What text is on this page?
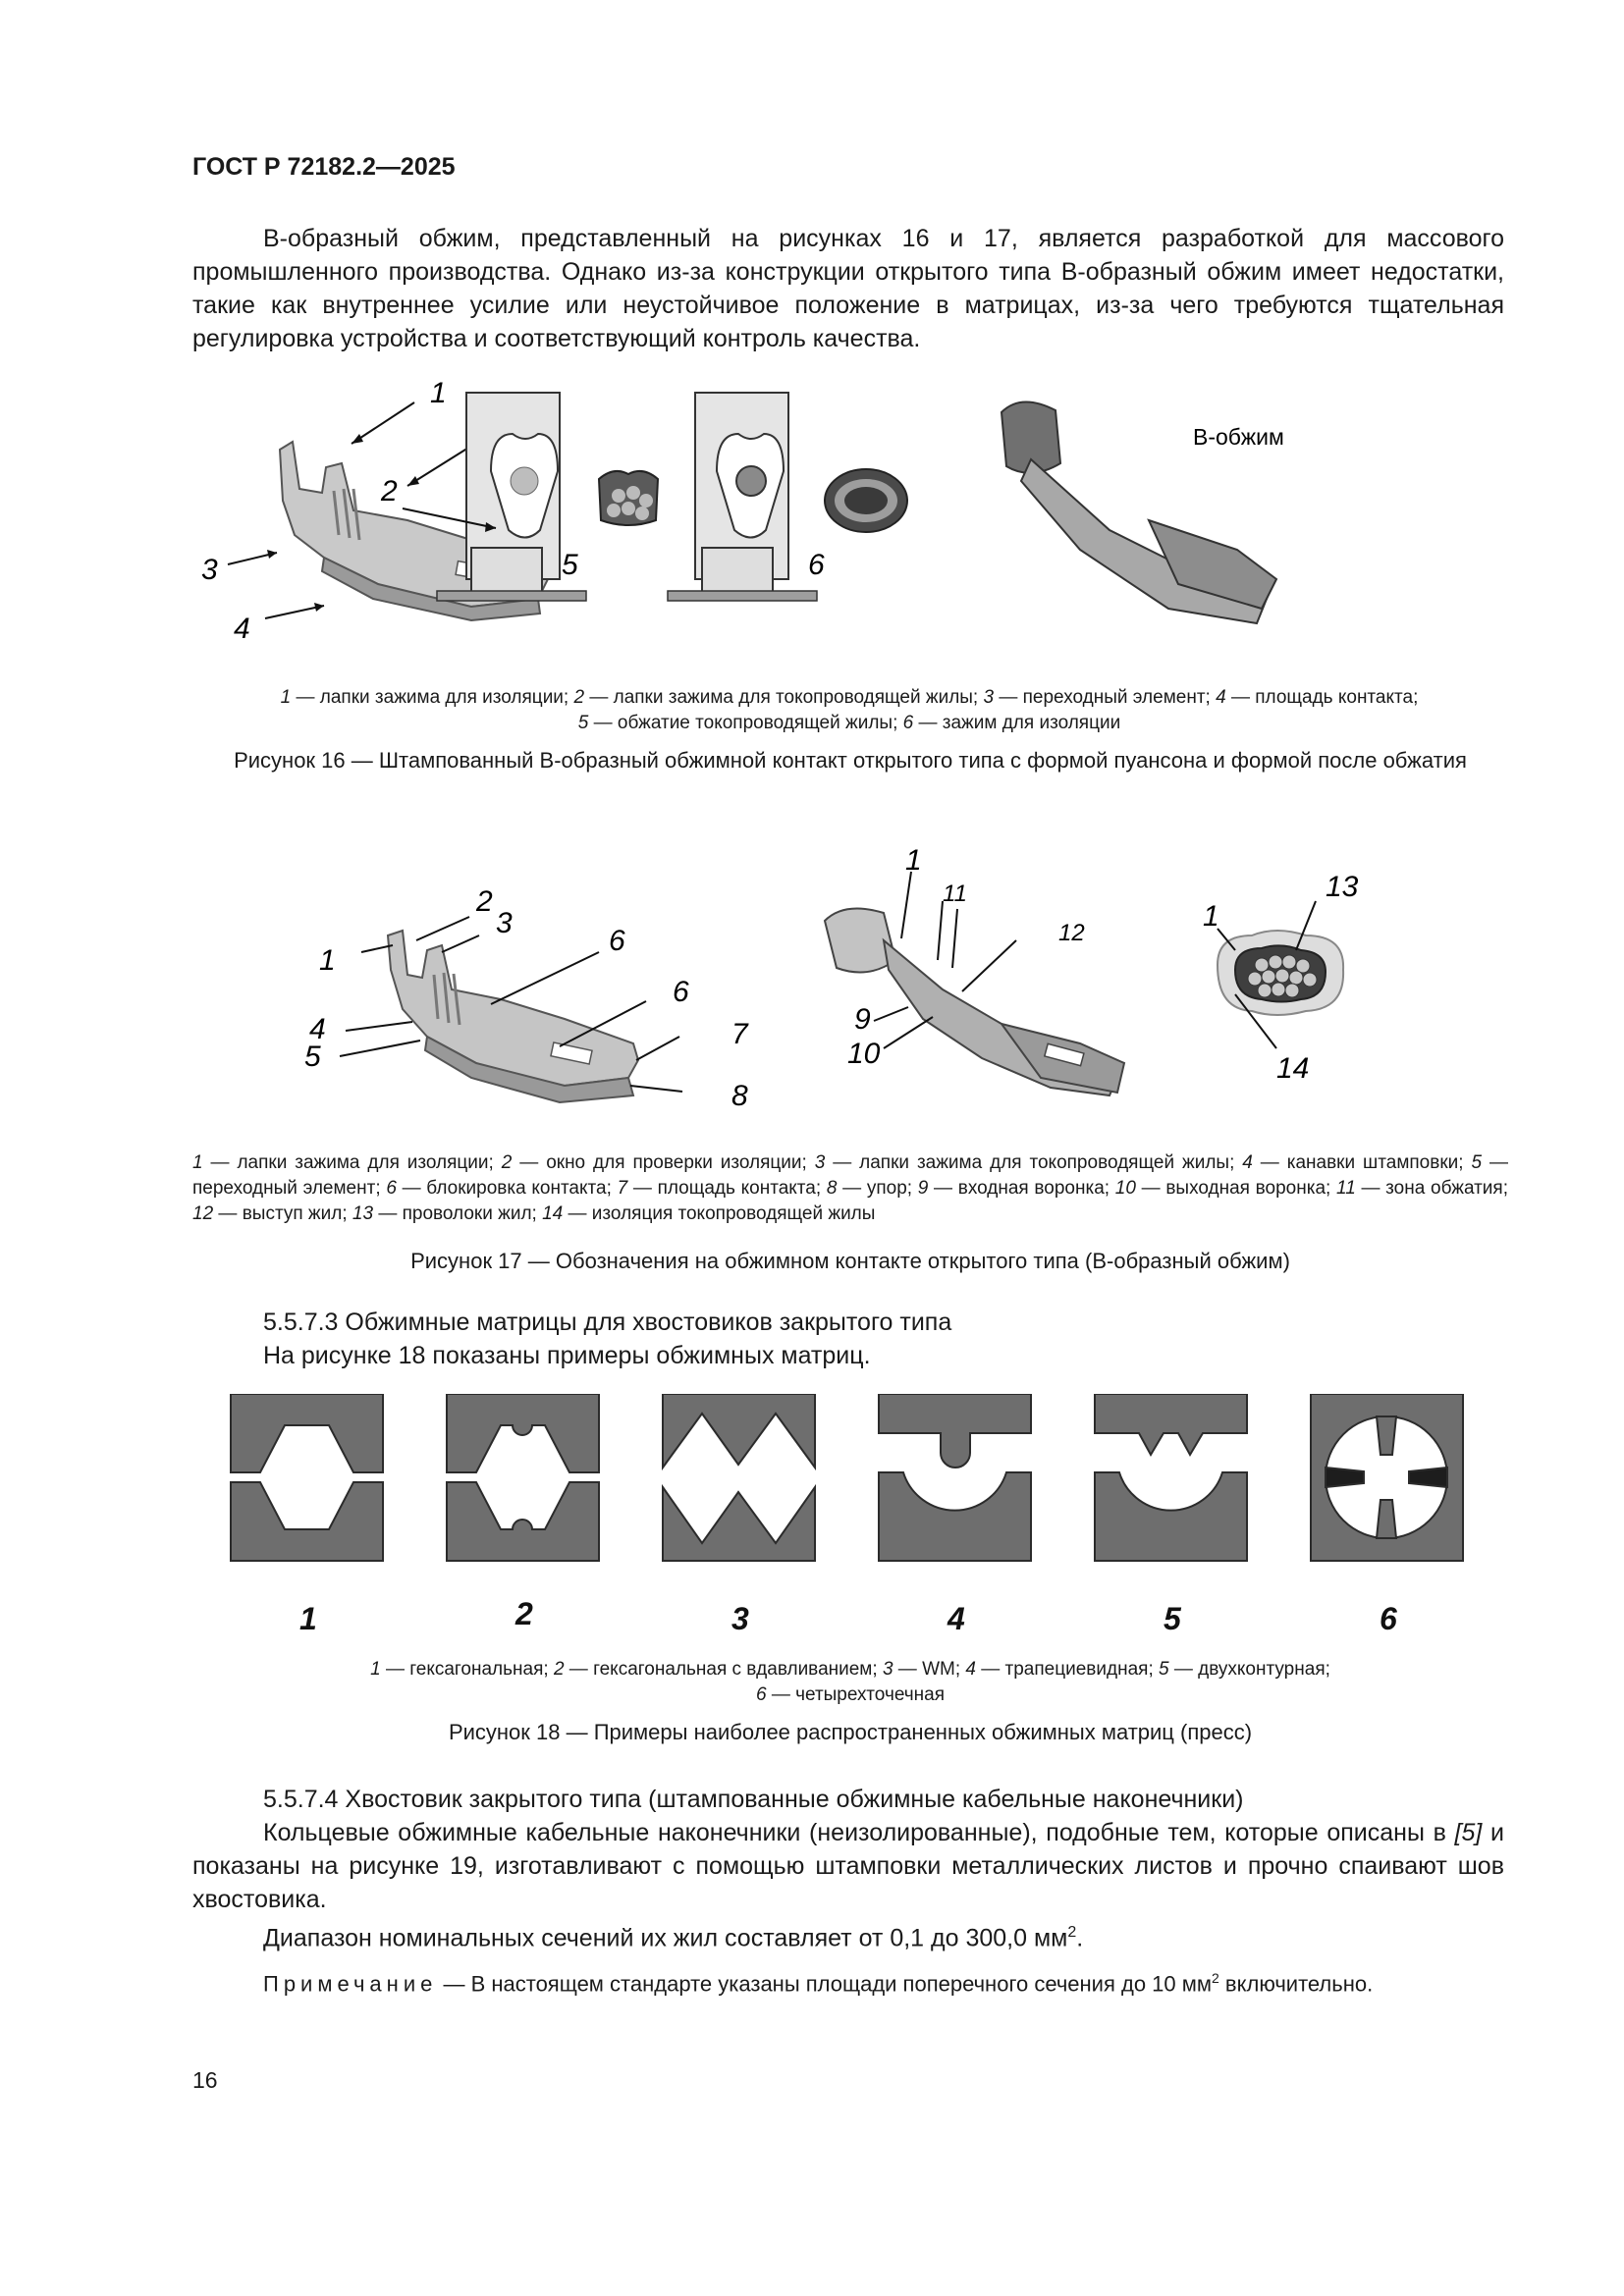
ГОСТ Р 72182.2—2025
В-образный обжим, представленный на рисунках 16 и 17, является разработкой для массового промышленного производства. Однако из-за конструкции открытого типа В-образный обжим имеет недостатки, такие как внутреннее усилие или неустойчивое положение в матрицах, из-за чего требуются тщательная регулировка устройства и соответствующий контроль качества.
1
3
4
2
5	6
В-обжим
1 — лапки зажима для изоляции; 2 — лапки зажима для токопроводящей жилы; 3 — переходный элемент; 4 — площадь контакта;
5 — обжатие токопроводящей жилы; 6 — зажим для изоляции
Рисунок 16 — Штампованный В-образный обжимной контакт открытого типа с формой пуансона и формой после обжатия
1
2
3
6
6
4
5
7
8
1
11
12
9
10
1
13
14
1 — лапки зажима для изоляции; 2 — окно для проверки изоляции; 3 — лапки зажима для токопроводящей жилы; 4 — канавки штамповки; 5 — переходный элемент; 6 — блокировка контакта; 7 — площадь контакта; 8 — упор; 9 — входная воронка; 10 — выходная воронка; 11 — зона обжатия; 12 — выступ жил; 13 — проволоки жил; 14 — изоляция токопроводящей жилы
Рисунок 17 — Обозначения на обжимном контакте открытого типа (В-образный обжим)
5.5.7.3 Обжимные матрицы для хвостовиков закрытого типа
На рисунке 18 показаны примеры обжимных матриц.
1	2	3	4	5	6
1 — гексагональная; 2 — гексагональная с вдавливанием; 3 — WM; 4 — трапециевидная; 5 — двухконтурная;
6 — четырехточечная
Рисунок 18 — Примеры наиболее распространенных обжимных матриц (пресс)
5.5.7.4 Хвостовик закрытого типа (штампованные обжимные кабельные наконечники)
Кольцевые обжимные кабельные наконечники (неизолированные), подобные тем, которые описаны в [5] и показаны на рисунке 19, изготавливают с помощью штамповки металлических листов и прочно спаивают шов хвостовика.
Диапазон номинальных сечений их жил составляет от 0,1 до 300,0 $мм^2$.
Примечание — В настоящем стандарте указаны площади поперечного сечения до 10 $мм^2$ включительно.
16
